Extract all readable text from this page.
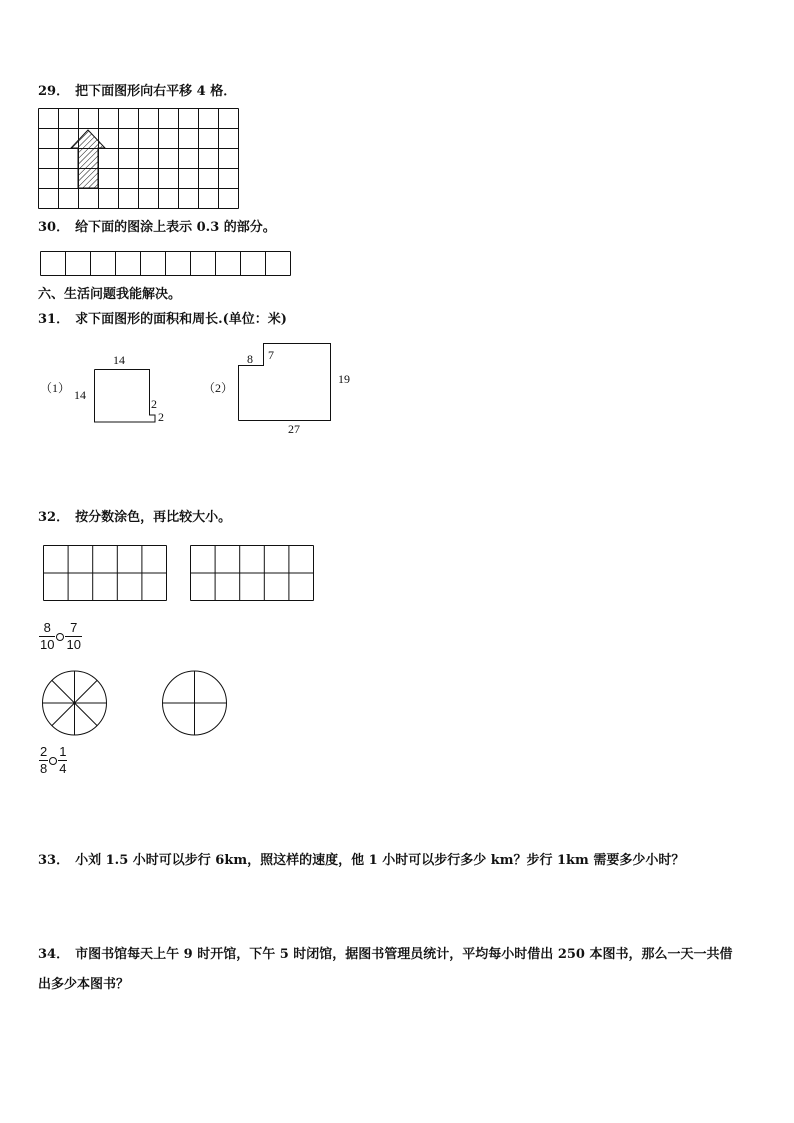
29． 把下面图形向右平移 4 格．
30． 给下面的图涂上表示 0.3 的部分。
六、生活问题我能解决。
31． 求下面图形的面积和周长.(单位：米)
（1）
14
14
2
2
（2）
8 7
19
27
32． 按分数涂色，再比较大小。
$\frac{8}{10} \frac{7}{10}$
$\frac{2}{8} \frac{1}{4}$
33． 小刘 1.5 小时可以步行 6km，照这样的速度，他 1 小时可以步行多少 km？步行 1km 需要多少小时？
34． 市图书馆每天上午 9 时开馆，下午 5 时闭馆，据图书管理员统计，平均每小时借出 250 本图书，那么一天一共借
出多少本图书？
